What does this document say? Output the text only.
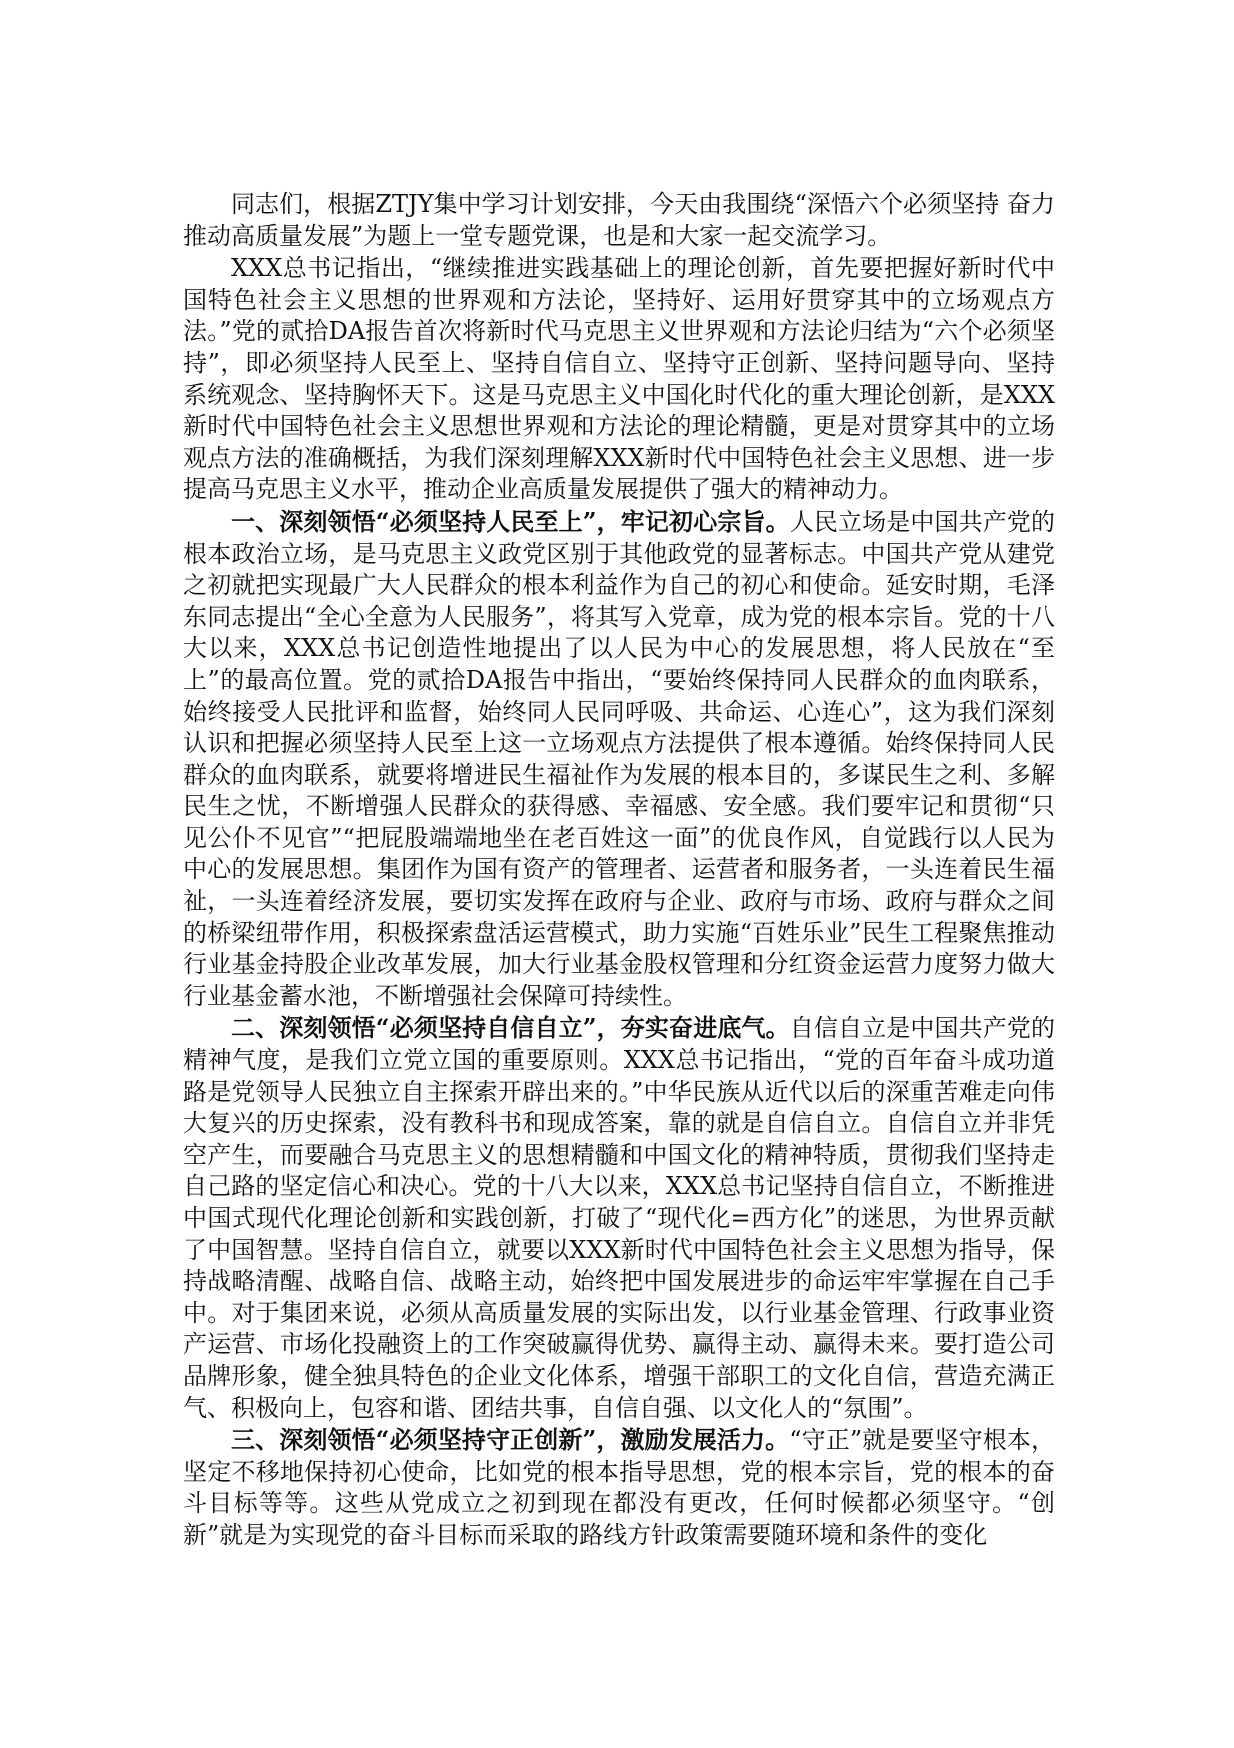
同志们，根据ZTJY集中学习计划安排，今天由我围绕“深悟六个必须坚持 奋力推动高质量发展”为题上一堂专题党课，也是和大家一起交流学习。

XXX总书记指出，“继续推进实践基础上的理论创新，首先要把握好新时代中国特色社会主义思想的世界观和方法论，坚持好、运用好贯穿其中的立场观点方法。”党的贰拾DA报告首次将新时代马克思主义世界观和方法论归结为“六个必须坚持”，即必须坚持人民至上、坚持自信自立、坚持守正创新、坚持问题导向、坚持系统观念、坚持胸怀天下。这是马克思主义中国化时代化的重大理论创新，是XXX新时代中国特色社会主义思想世界观和方法论的理论精髓，更是对贯穿其中的立场观点方法的准确概括，为我们深刻理解XXX新时代中国特色社会主义思想、进一步提高马克思主义水平，推动企业高质量发展提供了强大的精神动力。

一、深刻领悟“必须坚持人民至上”，牢记初心宗旨。人民立场是中国共产党的根本政治立场，是马克思主义政党区别于其他政党的显著标志。中国共产党从建党之初就把实现最广大人民群众的根本利益作为自己的初心和使命。延安时期，毛泽东同志提出“全心全意为人民服务”，将其写入党章，成为党的根本宗旨。党的十八大以来，XXX总书记创造性地提出了以人民为中心的发展思想，将人民放在“至上”的最高位置。党的贰拾DA报告中指出，“要始终保持同人民群众的血肉联系，始终接受人民批评和监督，始终同人民同呼吸、共命运、心连心”，这为我们深刻认识和把握必须坚持人民至上这一立场观点方法提供了根本遵循。始终保持同人民群众的血肉联系，就要将增进民生福祉作为发展的根本目的，多谋民生之利、多解民生之忧，不断增强人民群众的获得感、幸福感、安全感。我们要牢记和贯彻“只见公仆不见官”“把屁股端端地坐在老百姓这一面”的优良作风，自觉践行以人民为中心的发展思想。集团作为国有资产的管理者、运营者和服务者，一头连着民生福祉，一头连着经济发展，要切实发挥在政府与企业、政府与市场、政府与群众之间的桥梁纽带作用，积极探索盘活运营模式，助力实施“百姓乐业”民生工程聚焦推动行业基金持股企业改革发展，加大行业基金股权管理和分红资金运营力度努力做大行业基金蓄水池，不断增强社会保障可持续性。

二、深刻领悟“必须坚持自信自立”，夯实奋进底气。自信自立是中国共产党的精神气度，是我们立党立国的重要原则。XXX总书记指出，“党的百年奋斗成功道路是党领导人民独立自主探索开辟出来的。”中华民族从近代以后的深重苦难走向伟大复兴的历史探索，没有教科书和现成答案，靠的就是自信自立。自信自立并非凭空产生，而要融合马克思主义的思想精髓和中国文化的精神特质，贯彻我们坚持走自己路的坚定信心和决心。党的十八大以来，XXX总书记坚持自信自立，不断推进中国式现代化理论创新和实践创新，打破了“现代化=西方化”的迷思，为世界贡献了中国智慧。坚持自信自立，就要以XXX新时代中国特色社会主义思想为指导，保持战略清醒、战略自信、战略主动，始终把中国发展进步的命运牢牢掌握在自己手中。对于集团来说，必须从高质量发展的实际出发，以行业基金管理、行政事业资产运营、市场化投融资上的工作突破赢得优势、赢得主动、赢得未来。要打造公司品牌形象，健全独具特色的企业文化体系，增强干部职工的文化自信，营造充满正气、积极向上，包容和谐、团结共事，自信自强、以文化人的“氛围”。

三、深刻领悟“必须坚持守正创新”，激励发展活力。“守正”就是要坚守根本，坚定不移地保持初心使命，比如党的根本指导思想，党的根本宗旨，党的根本的奋斗目标等等。这些从党成立之初到现在都没有更改，任何时候都必须坚守。“创新”就是为实现党的奋斗目标而采取的路线方针政策需要随环境和条件的变化
